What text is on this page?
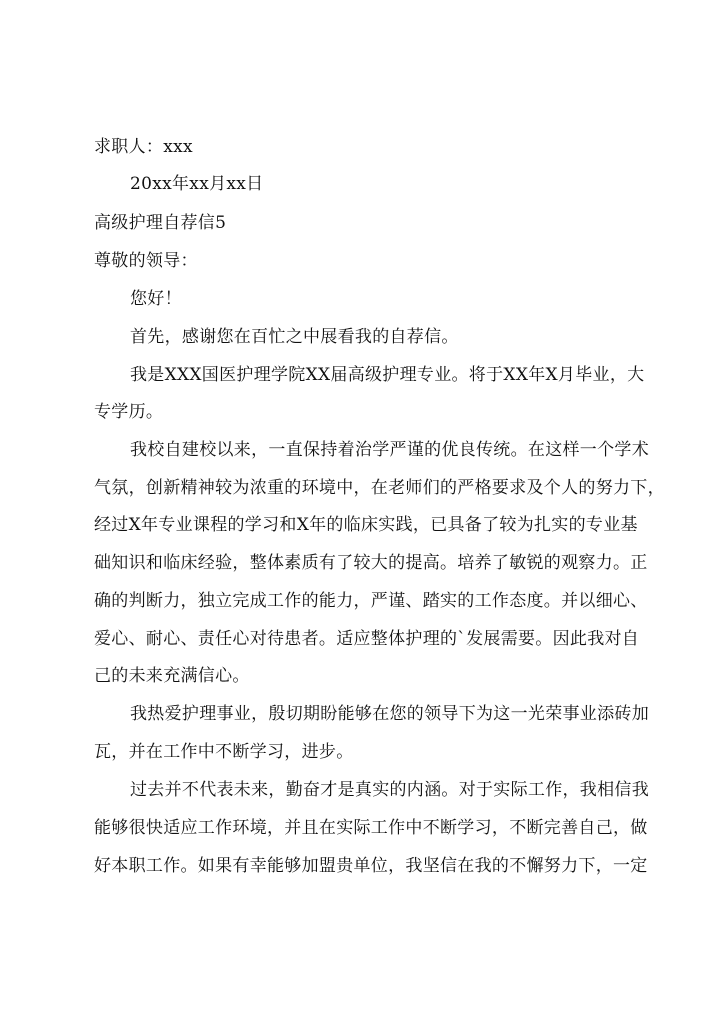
求职人：xxx
20xx年xx月xx日
高级护理自荐信5
尊敬的领导：
您好！
首先，感谢您在百忙之中展看我的自荐信。
我是XXX国医护理学院XX届高级护理专业。将于XX年X月毕业，大
专学历。
我校自建校以来，一直保持着治学严谨的优良传统。在这样一个学术
气氛，创新精神较为浓重的环境中，在老师们的严格要求及个人的努力下，
经过X年专业课程的学习和X年的临床实践，已具备了较为扎实的专业基
础知识和临床经验，整体素质有了较大的提高。培养了敏锐的观察力。正
确的判断力，独立完成工作的能力，严谨、踏实的工作态度。并以细心、
爱心、耐心、责任心对待患者。适应整体护理的`发展需要。因此我对自
己的未来充满信心。
我热爱护理事业，殷切期盼能够在您的领导下为这一光荣事业添砖加
瓦，并在工作中不断学习，进步。
过去并不代表未来，勤奋才是真实的内涵。对于实际工作，我相信我
能够很快适应工作环境，并且在实际工作中不断学习，不断完善自己，做
好本职工作。如果有幸能够加盟贵单位，我坚信在我的不懈努力下，一定
